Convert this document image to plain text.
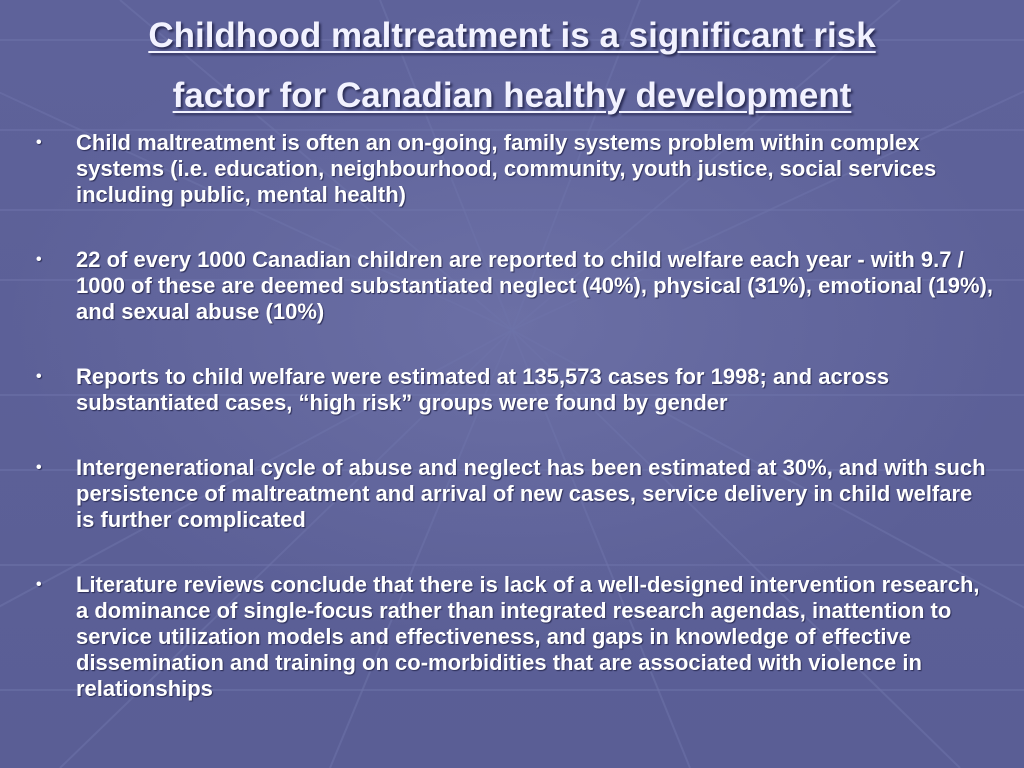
Childhood maltreatment is a significant risk
factor for Canadian healthy development
• Child maltreatment is often an on-going, family systems problem within complex systems (i.e. education, neighbourhood, community, youth justice, social services including public, mental health)
• 22 of every 1000 Canadian children are reported to child welfare each year - with 9.7 / 1000 of these are deemed substantiated neglect (40%), physical (31%), emotional (19%), and sexual abuse (10%)
• Reports to child welfare were estimated at 135,573 cases for 1998; and across substantiated cases, “high risk” groups were found by gender
• Intergenerational cycle of abuse and neglect has been estimated at 30%, and with such persistence of maltreatment and arrival of new cases, service delivery in child welfare is further complicated
• Literature reviews conclude that there is lack of a well-designed intervention research, a dominance of single-focus rather than integrated research agendas, inattention to service utilization models and effectiveness, and gaps in knowledge of effective dissemination and training on co-morbidities that are associated with violence in relationships
